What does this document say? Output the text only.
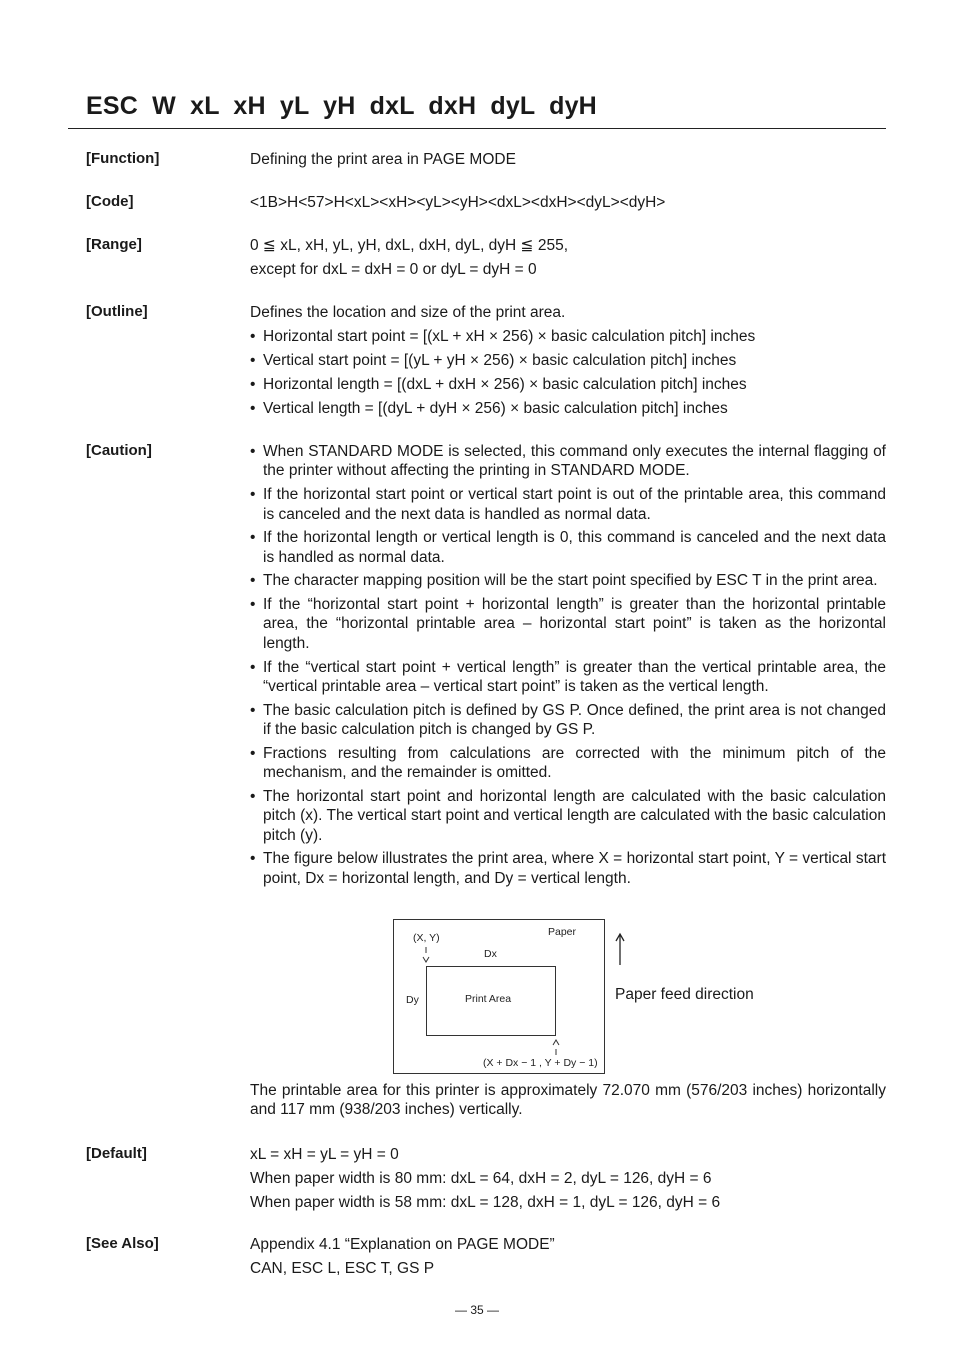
ESC W xL xH yL yH dxL dxH dyL dyH
[Function]	Defining the print area in PAGE MODE
[Code]	<1B>H<57>H<xL><xH><yL><yH><dxL><dxH><dyL><dyH>
[Range]	0 ≦ xL, xH, yL, yH, dxL, dxH, dyL, dyH ≦ 255,
except for dxL = dxH = 0 or dyL = dyH = 0
[Outline]	Defines the location and size of the print area.
• Horizontal start point = [(xL + xH × 256) × basic calculation pitch] inches
• Vertical start point = [(yL + yH × 256) × basic calculation pitch] inches
• Horizontal length = [(dxL + dxH × 256) × basic calculation pitch] inches
• Vertical length = [(dyL + dyH × 256) × basic calculation pitch] inches
[Caution]
•	When STANDARD MODE is selected, this command only executes the internal flagging of the printer without affecting the printing in STANDARD MODE.
• If the horizontal start point or vertical start point is out of the printable area, this command is canceled and the next data is handled as normal data.
• If the horizontal length or vertical length is 0, this command is canceled and the next data is handled as normal data.
• The character mapping position will be the start point specified by ESC T in the print area.
• If the “horizontal start point + horizontal length” is greater than the horizontal printable area, the “horizontal printable area – horizontal start point” is taken as the horizontal length.
• If the “vertical start point + vertical length” is greater than the vertical printable area, the “vertical printable area – vertical start point” is taken as the vertical length.
• The basic calculation pitch is defined by GS P. Once defined, the print area is not changed if the basic calculation pitch is changed by GS P.
• Fractions resulting from calculations are corrected with the minimum pitch of the mechanism, and the remainder is omitted.
• The horizontal start point and horizontal length are calculated with the basic calculation pitch (x). The vertical start point and vertical length are calculated with the basic calculation pitch (y).
• The figure below illustrates the print area, where X = horizontal start point, Y = vertical start point, Dx = horizontal length, and Dy = vertical length.
Paper
(X, Y)
Dx
Dy	Print Area
(X + Dx − 1 , Y + Dy − 1)
Paper feed direction
The printable area for this printer is approximately 72.070 mm (576/203 inches) horizontally and 117 mm (938/203 inches) vertically.
[Default]	xL = xH = yL = yH = 0
When paper width is 80 mm: dxL = 64, dxH = 2, dyL = 126, dyH = 6
When paper width is 58 mm: dxL = 128, dxH = 1, dyL = 126, dyH = 6
[See Also]	Appendix 4.1 “Explanation on PAGE MODE”
CAN, ESC L, ESC T, GS P
— 35 —
